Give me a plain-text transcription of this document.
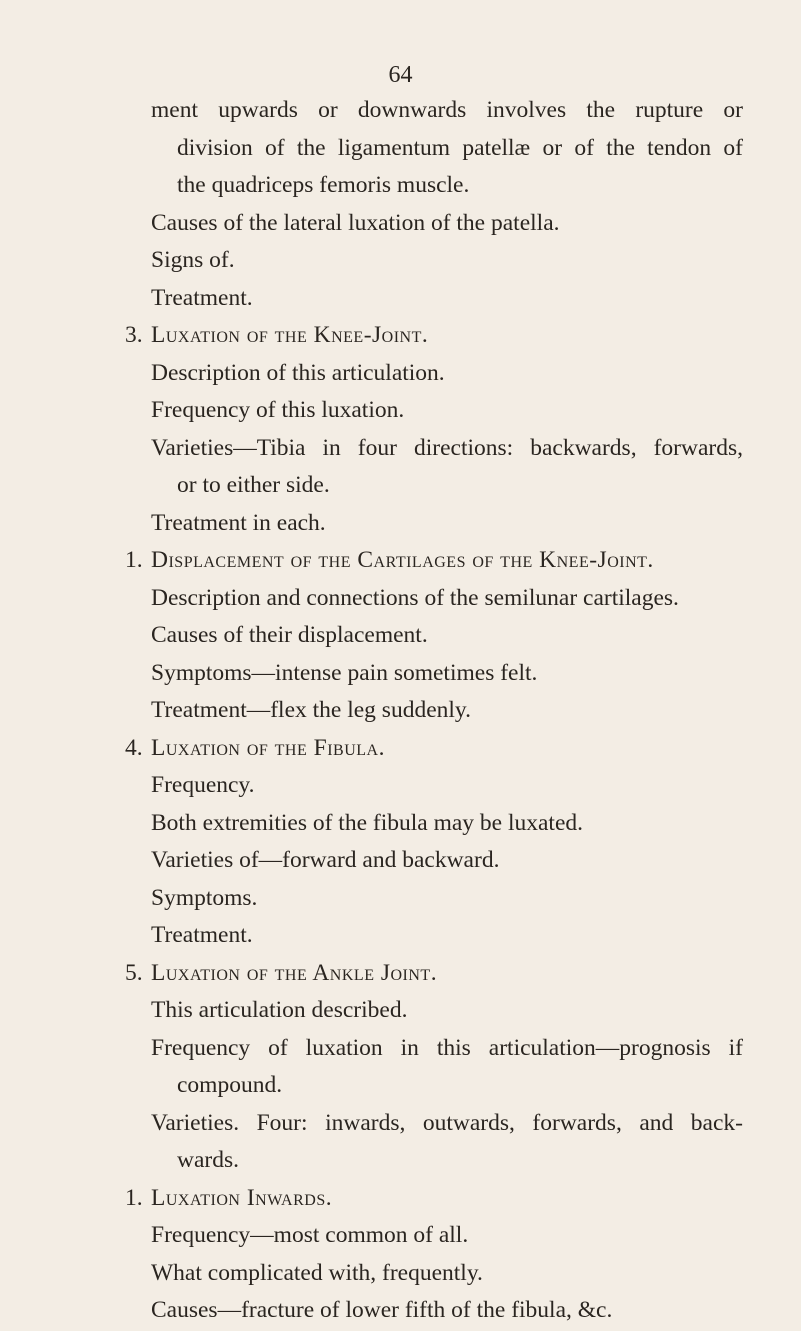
64
ment upwards or downwards involves the rupture or
division of the ligamentum patellæ or of the tendon of
the quadriceps femoris muscle.
Causes of the lateral luxation of the patella.
Signs of.
Treatment.
3. Luxation of the Knee-Joint.
Description of this articulation.
Frequency of this luxation.
Varieties—Tibia in four directions: backwards, forwards,
or to either side.
Treatment in each.
1. Displacement of the Cartilages of the Knee-Joint.
Description and connections of the semilunar cartilages.
Causes of their displacement.
Symptoms—intense pain sometimes felt.
Treatment—flex the leg suddenly.
4. Luxation of the Fibula.
Frequency.
Both extremities of the fibula may be luxated.
Varieties of—forward and backward.
Symptoms.
Treatment.
5. Luxation of the Ankle Joint.
This articulation described.
Frequency of luxation in this articulation—prognosis if
compound.
Varieties. Four: inwards, outwards, forwards, and back-
wards.
1. Luxation Inwards.
Frequency—most common of all.
What complicated with, frequently.
Causes—fracture of lower fifth of the fibula, &c.
